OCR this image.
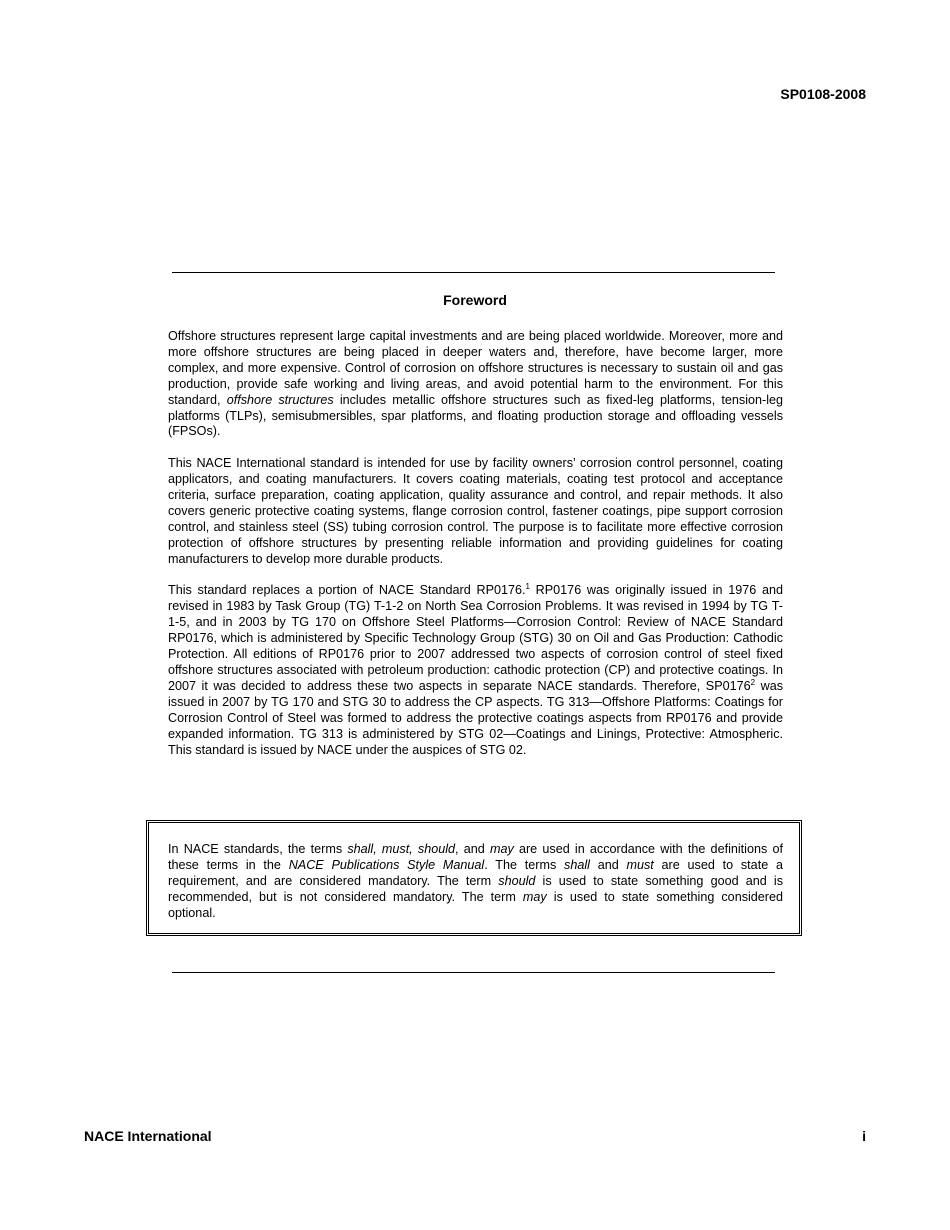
SP0108-2008
Foreword

Offshore structures represent large capital investments and are being placed worldwide. Moreover, more and more offshore structures are being placed in deeper waters and, therefore, have become larger, more complex, and more expensive. Control of corrosion on offshore structures is necessary to sustain oil and gas production, provide safe working and living areas, and avoid potential harm to the environment. For this standard, offshore structures includes metallic offshore structures such as fixed-leg platforms, tension-leg platforms (TLPs), semisubmersibles, spar platforms, and floating production storage and offloading vessels (FPSOs).

This NACE International standard is intended for use by facility owners’ corrosion control personnel, coating applicators, and coating manufacturers. It covers coating materials, coating test protocol and acceptance criteria, surface preparation, coating application, quality assurance and control, and repair methods. It also covers generic protective coating systems, flange corrosion control, fastener coatings, pipe support corrosion control, and stainless steel (SS) tubing corrosion control. The purpose is to facilitate more effective corrosion protection of offshore structures by presenting reliable information and providing guidelines for coating manufacturers to develop more durable products.

This standard replaces a portion of NACE Standard RP0176.$^1$ RP0176 was originally issued in 1976 and revised in 1983 by Task Group (TG) T-1-2 on North Sea Corrosion Problems. It was revised in 1994 by TG T-1-5, and in 2003 by TG 170 on Offshore Steel Platforms—Corrosion Control: Review of NACE Standard RP0176, which is administered by Specific Technology Group (STG) 30 on Oil and Gas Production: Cathodic Protection. All editions of RP0176 prior to 2007 addressed two aspects of corrosion control of steel fixed offshore structures associated with petroleum production: cathodic protection (CP) and protective coatings. In 2007 it was decided to address these two aspects in separate NACE standards. Therefore, SP0176$^2$ was issued in 2007 by TG 170 and STG 30 to address the CP aspects. TG 313—Offshore Platforms: Coatings for Corrosion Control of Steel was formed to address the protective coatings aspects from RP0176 and provide expanded information. TG 313 is administered by STG 02—Coatings and Linings, Protective: Atmospheric. This standard is issued by NACE under the auspices of STG 02.

In NACE standards, the terms shall, must, should, and may are used in accordance with the definitions of these terms in the NACE Publications Style Manual. The terms shall and must are used to state a requirement, and are considered mandatory. The term should is used to state something good and is recommended, but is not considered mandatory. The term may is used to state something considered optional.

NACE International	i
